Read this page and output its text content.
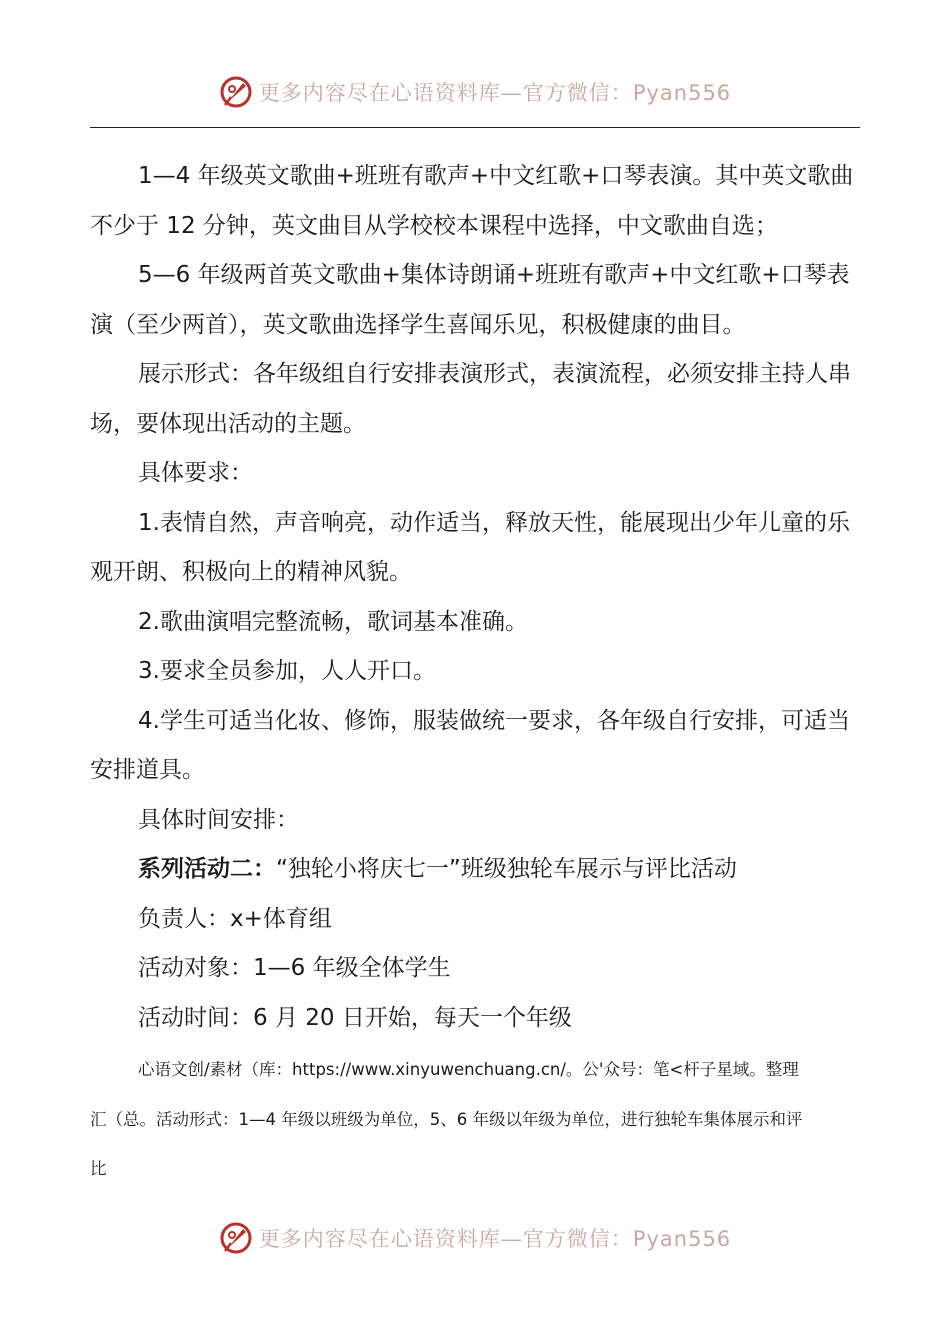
更多内容尽在心语资料库—官方微信：Pyan556

1—4 年级英文歌曲+班班有歌声+中文红歌+口琴表演。其中英文歌曲不少于 12 分钟，英文曲目从学校校本课程中选择，中文歌曲自选；

5—6 年级两首英文歌曲+集体诗朗诵+班班有歌声+中文红歌+口琴表演（至少两首），英文歌曲选择学生喜闻乐见，积极健康的曲目。

展示形式：各年级组自行安排表演形式，表演流程，必须安排主持人串场，要体现出活动的主题。

具体要求：

1.表情自然，声音响亮，动作适当，释放天性，能展现出少年儿童的乐观开朗、积极向上的精神风貌。

2.歌曲演唱完整流畅，歌词基本准确。

3.要求全员参加，人人开口。

4.学生可适当化妆、修饰，服装做统一要求，各年级自行安排，可适当安排道具。

具体时间安排：

系列活动二：“独轮小将庆七一”班级独轮车展示与评比活动

负责人：x+体育组

活动对象：1—6 年级全体学生

活动时间：6 月 20 日开始，每天一个年级

心语文创/素材（库：https://www.xinyuwenchuang.cn/。公'众号：笔<杆子星域。整理

汇（总。活动形式：1—4 年级以班级为单位，5、6 年级以年级为单位，进行独轮车集体展示和评

比

更多内容尽在心语资料库—官方微信：Pyan556
